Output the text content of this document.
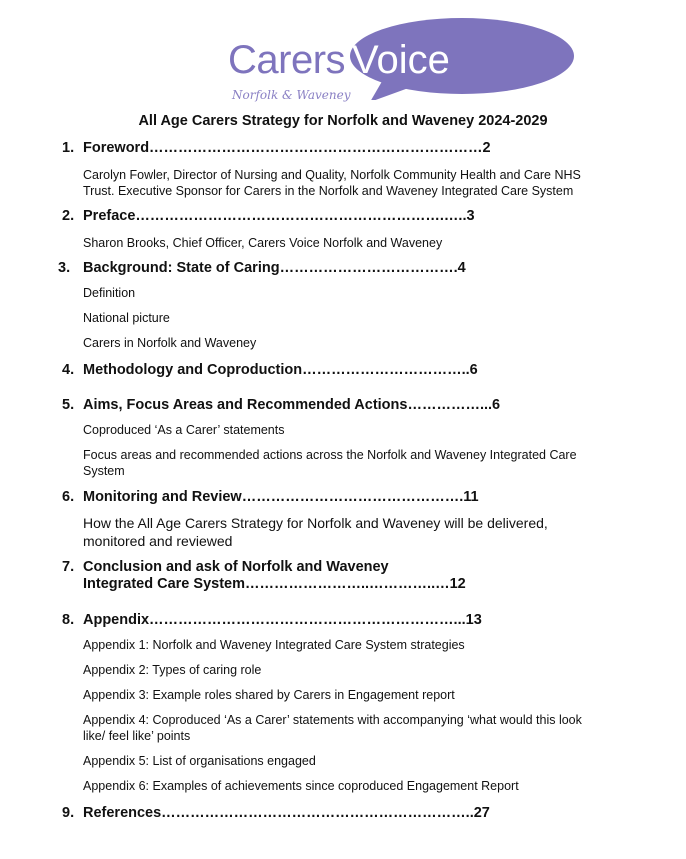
Carers Voice
Norfolk & Waveney
All Age Carers Strategy for Norfolk and Waveney 2024-2029
1. Foreword……………………………………………………………2
Carolyn Fowler, Director of Nursing and Quality, Norfolk Community Health and Care NHS
Trust. Executive Sponsor for Carers in the Norfolk and Waveney Integrated Care System
2. Preface……………………………………………………….…..3
Sharon Brooks, Chief Officer, Carers Voice Norfolk and Waveney
3. Background: State of Caring……………………………….4
Definition
National picture
Carers in Norfolk and Waveney
4. Methodology and Coproduction……………………………..6
5. Aims, Focus Areas and Recommended Actions……………...6
Coproduced ‘As a Carer’ statements
Focus areas and recommended actions across the Norfolk and Waveney Integrated Care
System
6. Monitoring and Review……………………………………….11
How the All Age Carers Strategy for Norfolk and Waveney will be delivered,
monitored and reviewed
7. Conclusion and ask of Norfolk and Waveney
Integrated Care System……………………..…………..…12
8. Appendix………………………………………………………...13
Appendix 1: Norfolk and Waveney Integrated Care System strategies
Appendix 2: Types of caring role
Appendix 3: Example roles shared by Carers in Engagement report
Appendix 4: Coproduced ‘As a Carer’ statements with accompanying ‘what would this look
like/ feel like’ points
Appendix 5: List of organisations engaged
Appendix 6: Examples of achievements since coproduced Engagement Report
9. References………………………………………………………..27
